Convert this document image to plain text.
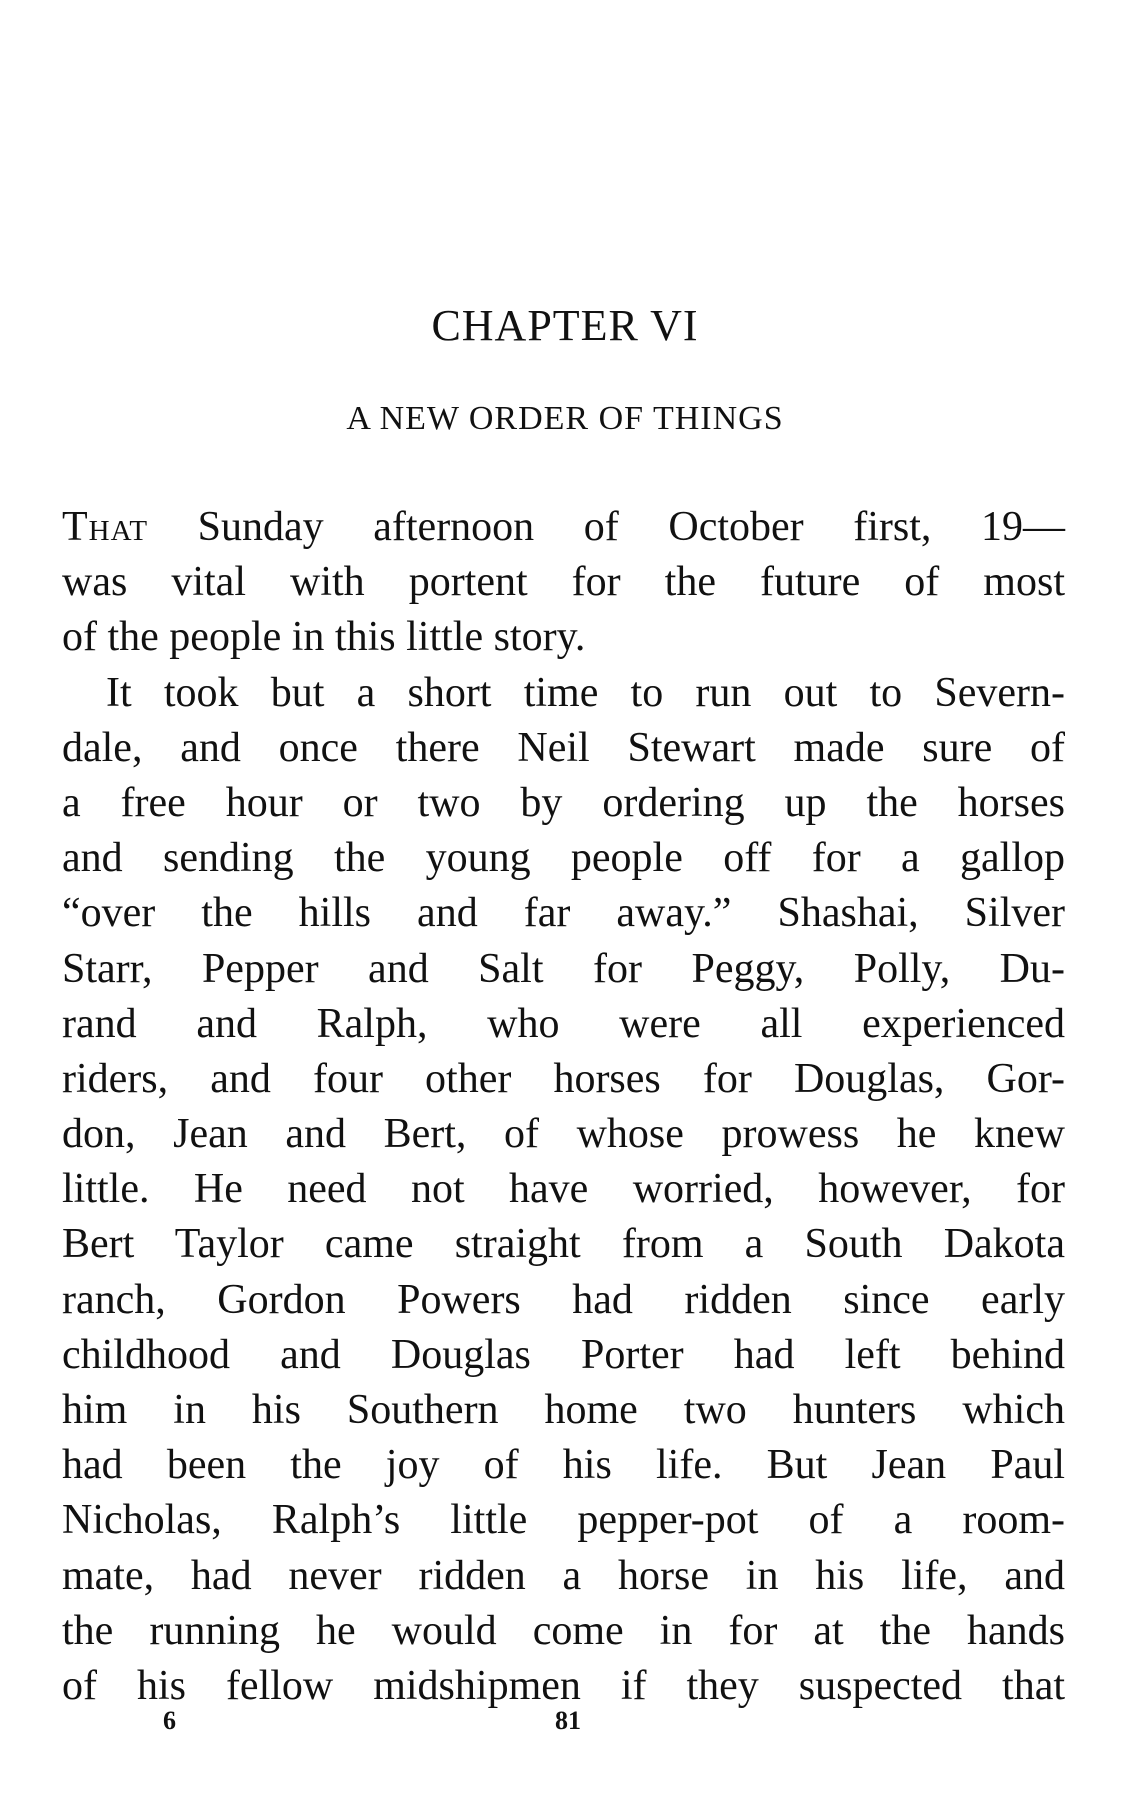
CHAPTER VI
A NEW ORDER OF THINGS
That Sunday afternoon of October first, 19—
was vital with portent for the future of most
of the people in this little story.
It took but a short time to run out to Severn-
dale, and once there Neil Stewart made sure of
a free hour or two by ordering up the horses
and sending the young people off for a gallop
“over the hills and far away.” Shashai, Silver
Starr, Pepper and Salt for Peggy, Polly, Du-
rand and Ralph, who were all experienced
riders, and four other horses for Douglas, Gor-
don, Jean and Bert, of whose prowess he knew
little. He need not have worried, however, for
Bert Taylor came straight from a South Dakota
ranch, Gordon Powers had ridden since early
childhood and Douglas Porter had left behind
him in his Southern home two hunters which
had been the joy of his life. But Jean Paul
Nicholas, Ralph’s little pepper-pot of a room-
mate, had never ridden a horse in his life, and
the running he would come in for at the hands
of his fellow midshipmen if they suspected that
6	81
